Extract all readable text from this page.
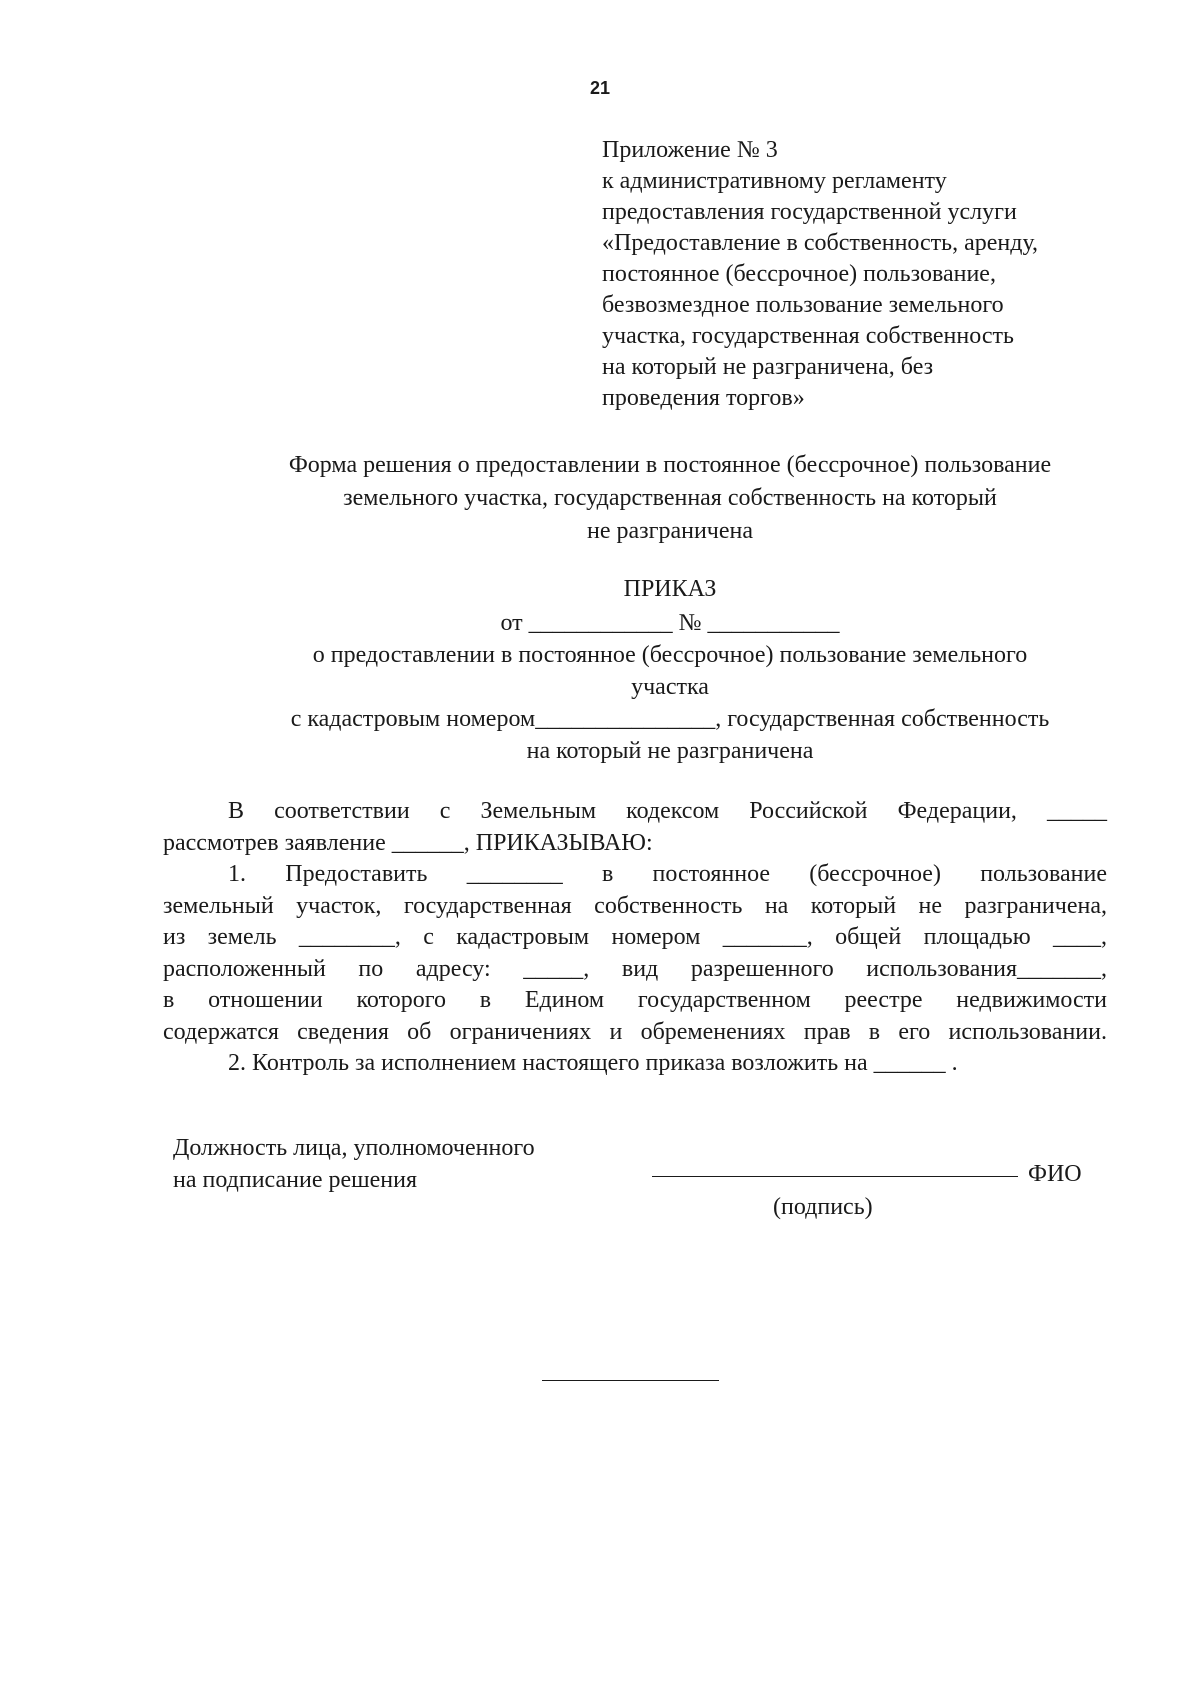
21
Приложение № 3
к административному регламенту
предоставления государственной услуги
«Предоставление в собственность, аренду,
постоянное (бессрочное) пользование,
безвозмездное пользование земельного
участка, государственная собственность
на который не разграничена, без
проведения торгов»
Форма решения о предоставлении в постоянное (бессрочное) пользование
земельного участка, государственная собственность на который
не разграничена
ПРИКАЗ
от ____________ № ___________
о предоставлении в постоянное (бессрочное) пользование земельного
участка
с кадастровым номером_______________, государственная собственность
на который не разграничена
В соответствии с Земельным кодексом Российской Федерации, _____
рассмотрев заявление ______, ПРИКАЗЫВАЮ:
1. Предоставить ________ в постоянное (бессрочное) пользование
земельный участок, государственная собственность на который не разграничена,
из земель ________, с кадастровым номером _______, общей площадью ____,
расположенный по адресу: _____, вид разрешенного использования_______,
в отношении которого в Едином государственном реестре недвижимости
содержатся сведения об ограничениях и обременениях прав в его использовании.
2. Контроль за исполнением настоящего приказа возложить на ______ .
Должность лица, уполномоченного
на подписание решения	ФИО
(подпись)
